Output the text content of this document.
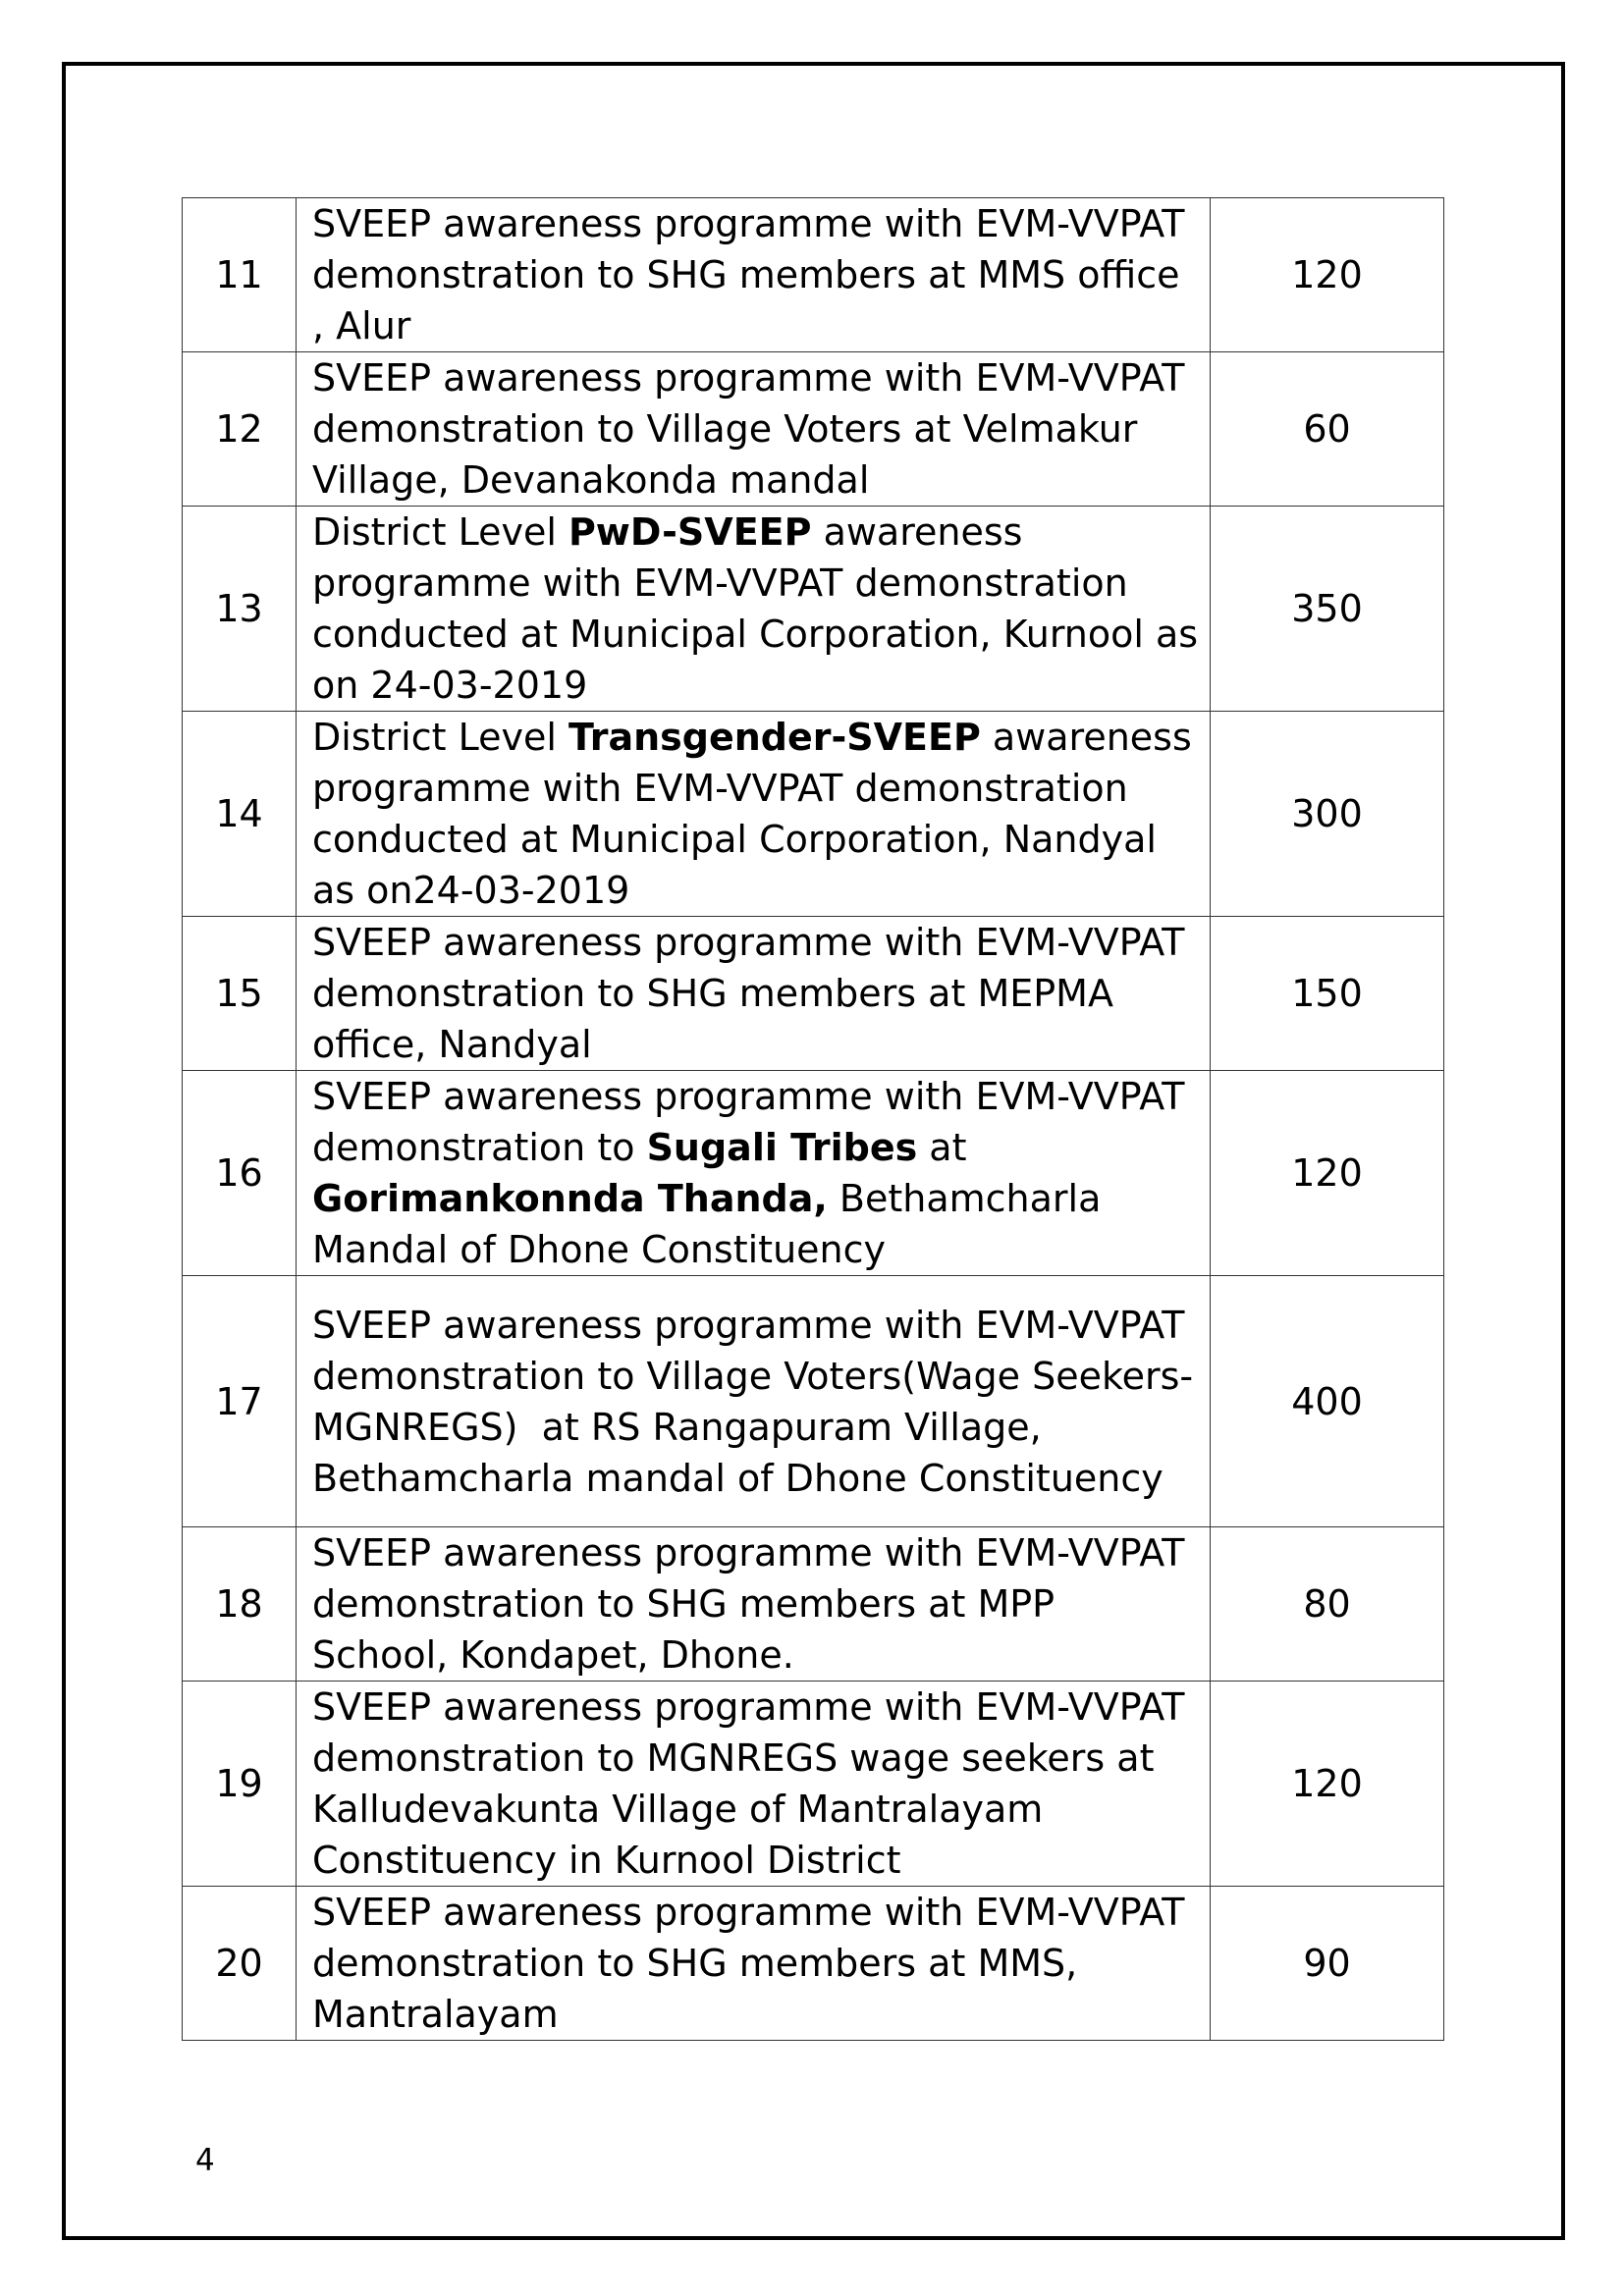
11	SVEEP awareness programme with EVM-VVPAT demonstration to SHG members at MMS office , Alur	120
12	SVEEP awareness programme with EVM-VVPAT demonstration to Village Voters at Velmakur Village, Devanakonda mandal	60
13	District Level PwD-SVEEP awareness programme with EVM-VVPAT demonstration conducted at Municipal Corporation, Kurnool as on 24-03-2019	350
14	District Level Transgender-SVEEP awareness programme with EVM-VVPAT demonstration conducted at Municipal Corporation, Nandyal as on24-03-2019	300
15	SVEEP awareness programme with EVM-VVPAT demonstration to SHG members at MEPMA office, Nandyal	150
16	SVEEP awareness programme with EVM-VVPAT demonstration to Sugali Tribes at Gorimankonnda Thanda, Bethamcharla Mandal of Dhone Constituency	120
17	SVEEP awareness programme with EVM-VVPAT demonstration to Village Voters(Wage Seekers-MGNREGS)  at RS Rangapuram Village, Bethamcharla mandal of Dhone Constituency	400
18	SVEEP awareness programme with EVM-VVPAT demonstration to SHG members at MPP School, Kondapet, Dhone.	80
19	SVEEP awareness programme with EVM-VVPAT demonstration to MGNREGS wage seekers at Kalludevakunta Village of Mantralayam Constituency in Kurnool District	120
20	SVEEP awareness programme with EVM-VVPAT demonstration to SHG members at MMS, Mantralayam	90
4
